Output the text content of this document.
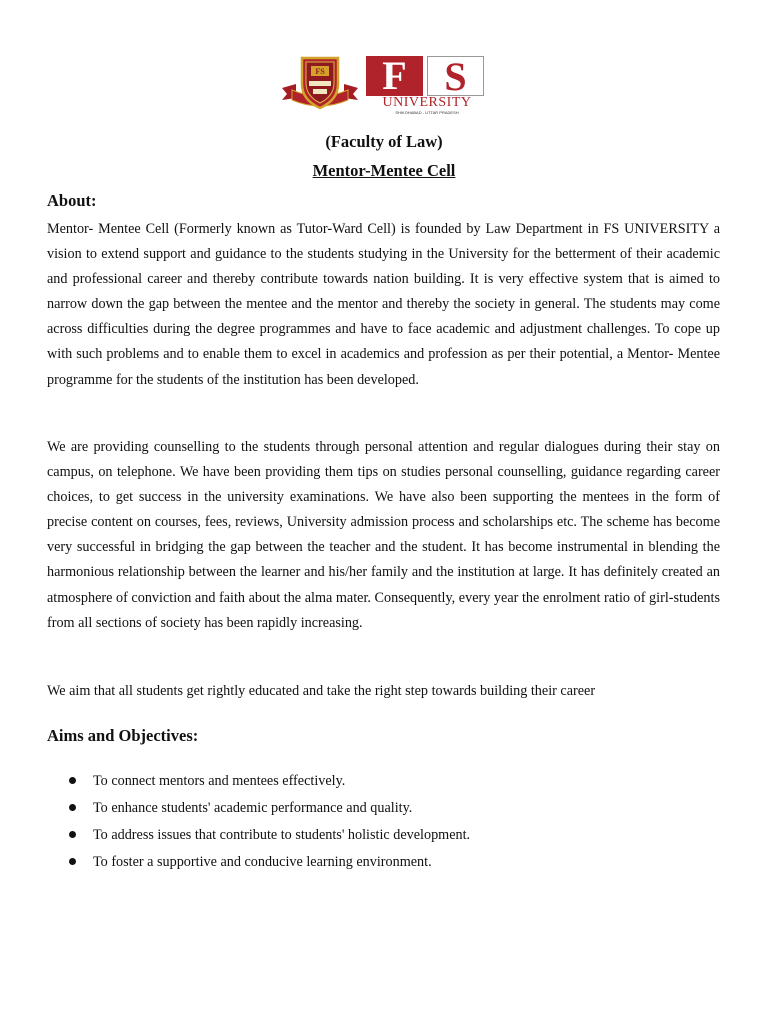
FS	F S
UNIVERSITY
SHIKOHABAD - UTTAR PRADESH
(Faculty of Law)
Mentor-Mentee Cell
About:

Mentor- Mentee Cell (Formerly known as Tutor-Ward Cell) is founded by Law Department in FS UNIVERSITY a vision to extend support and guidance to the students studying in the University for the betterment of their academic and professional career and thereby contribute towards nation building. It is very effective system that is aimed to narrow down the gap between the mentee and the mentor and thereby the society in general. The students may come across difficulties during the degree programmes and have to face academic and adjustment challenges. To cope up with such problems and to enable them to excel in academics and profession as per their potential, a Mentor- Mentee programme for the students of the institution has been developed.

We are providing counselling to the students through personal attention and regular dialogues during their stay on campus, on telephone. We have been providing them tips on studies personal counselling, guidance regarding career choices, to get success in the university examinations. We have also been supporting the mentees in the form of precise content on courses, fees, reviews, University admission process and scholarships etc. The scheme has become very successful in bridging the gap between the teacher and the student. It has become instrumental in blending the harmonious relationship between the learner and his/her family and the institution at large. It has definitely created an atmosphere of conviction and faith about the alma mater. Consequently, every year the enrolment ratio of girl-students from all sections of society has been rapidly increasing.

We aim that all students get rightly educated and take the right step towards building their career

Aims and Objectives:
To connect mentors and mentees effectively.
To enhance students' academic performance and quality.
To address issues that contribute to students' holistic development.
To foster a supportive and conducive learning environment.
